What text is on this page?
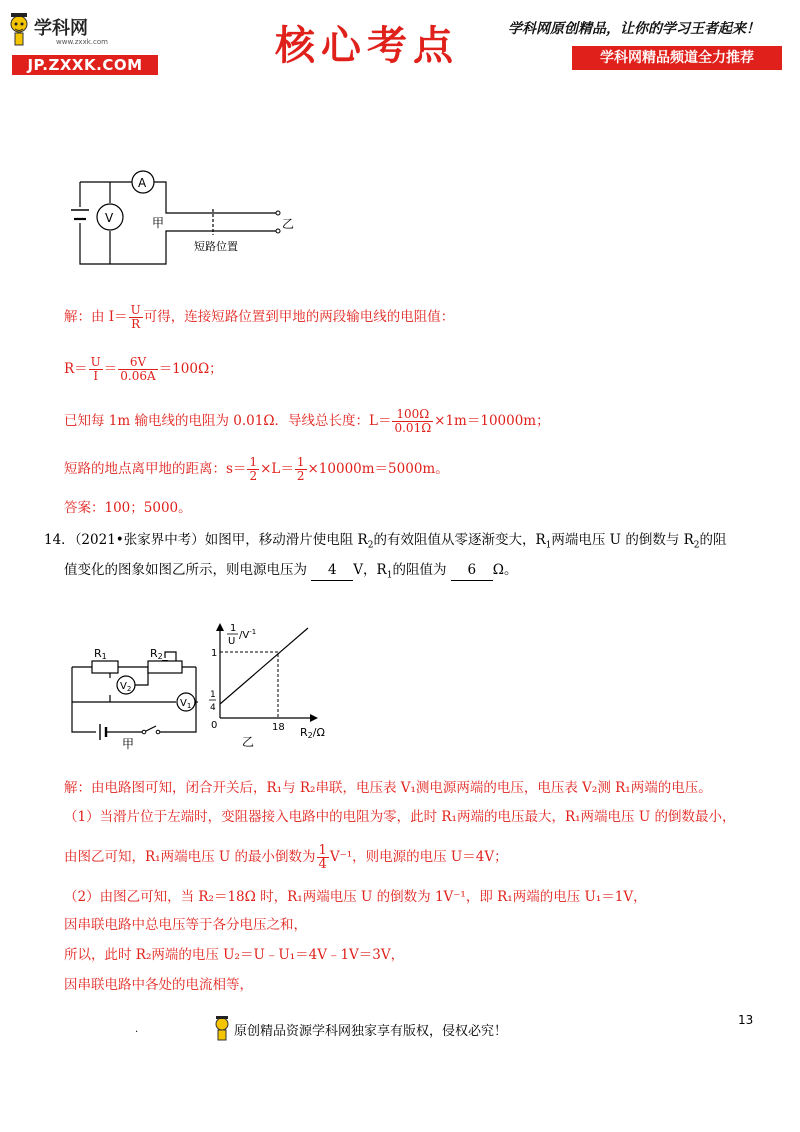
学科网
www.zxxk.com
JP.ZXXK.COM	核心考点	学科网原创精品，让你的学习王者起来！
学科网精品频道全力推荐
A
V	甲	乙
短路位置
解：由 $I= \frac{U}{R}$ 可得，连接短路位置到甲地的两段输电线的电阻值：
$R= \frac{U}{I} = \frac{6V}{0.06A} =100\Omega$；
已知每 1m 输电线的电阻为 0.01Ω．导线总长度：$L= \frac{100\Omega}{0.01\Omega} \times 1m=10000m$；
短路的地点离甲地的距离：$s= \frac{1}{2} \times L= \frac{1}{2} \times 10000m=5000m$。
答案：100；5000。
14．（2021•张家界中考）如图甲，移动滑片使电阻 $R_2$的有效阻值从零逐渐变大，$R_1$两端电压 U 的倒数与 $R_2$的阻
值变化的图象如图乙所示，则电源电压为 4 V，$R_1$的阻值为 6 Ω。
R1	R2
$V_2$
$V_1$
甲
1
U
$/V^{-1}$
1
1
4
0	18 R2/Ω
乙
解：由电路图可知，闭合开关后，R₁与 R₂串联，电压表 V₁测电源两端的电压，电压表 V₂测 R₁两端的电压。
（1）当滑片位于左端时，变阻器接入电路中的电阻为零，此时 R₁两端的电压最大，R₁两端电压 U 的倒数最小，
由图乙可知，R₁两端电压 U 的最小倒数为 $\frac{1}{4} V^{-1}$，则电源的电压 U＝4V；
（2）由图乙可知，当 R₂＝18Ω 时，R₁两端电压 U 的倒数为 1V⁻¹，即 R₁两端的电压 U₁＝1V，
因串联电路中总电压等于各分电压之和，
所以，此时 R₂两端的电压 U₂＝U﹣U₁＝4V﹣1V＝3V，
因串联电路中各处的电流相等，
.	原创精品资源学科网独家享有版权，侵权必究！
13
